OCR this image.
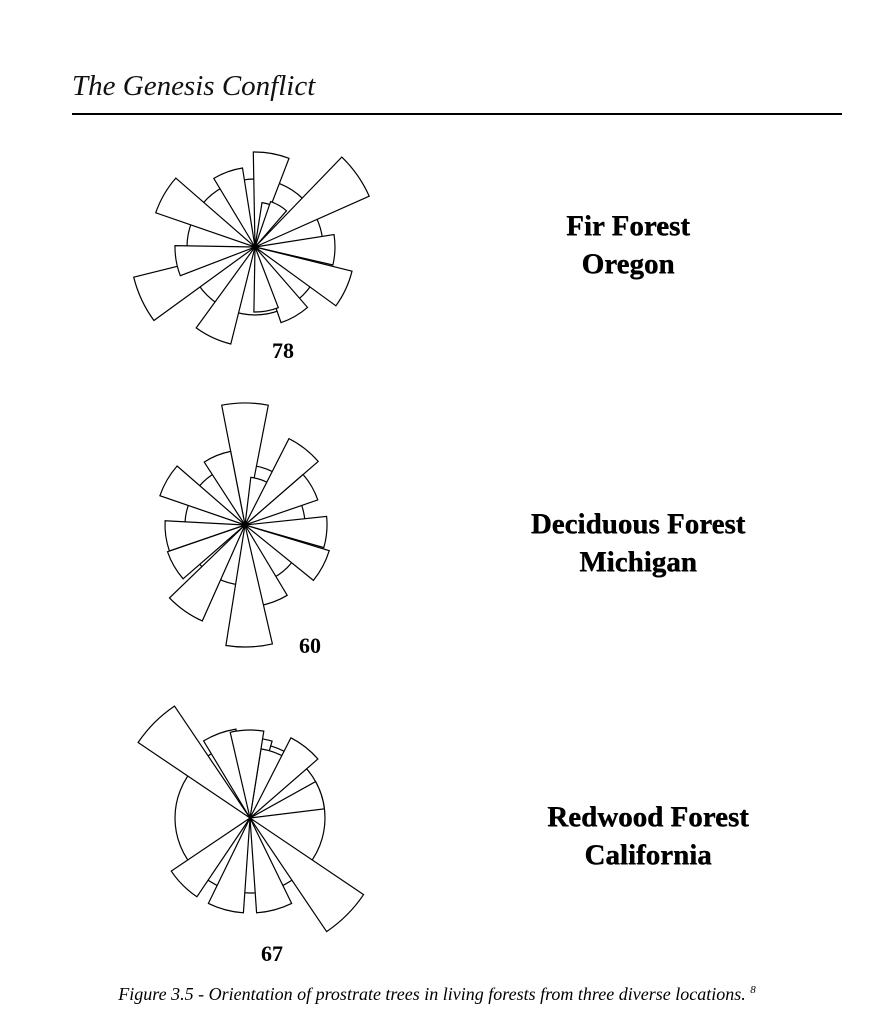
The Genesis Conflict
78
Fir Forest
Oregon
60
Deciduous Forest
Michigan
67
Redwood Forest
California
Figure 3.5 - Orientation of prostrate trees in living forests from three diverse locations. $^8$
